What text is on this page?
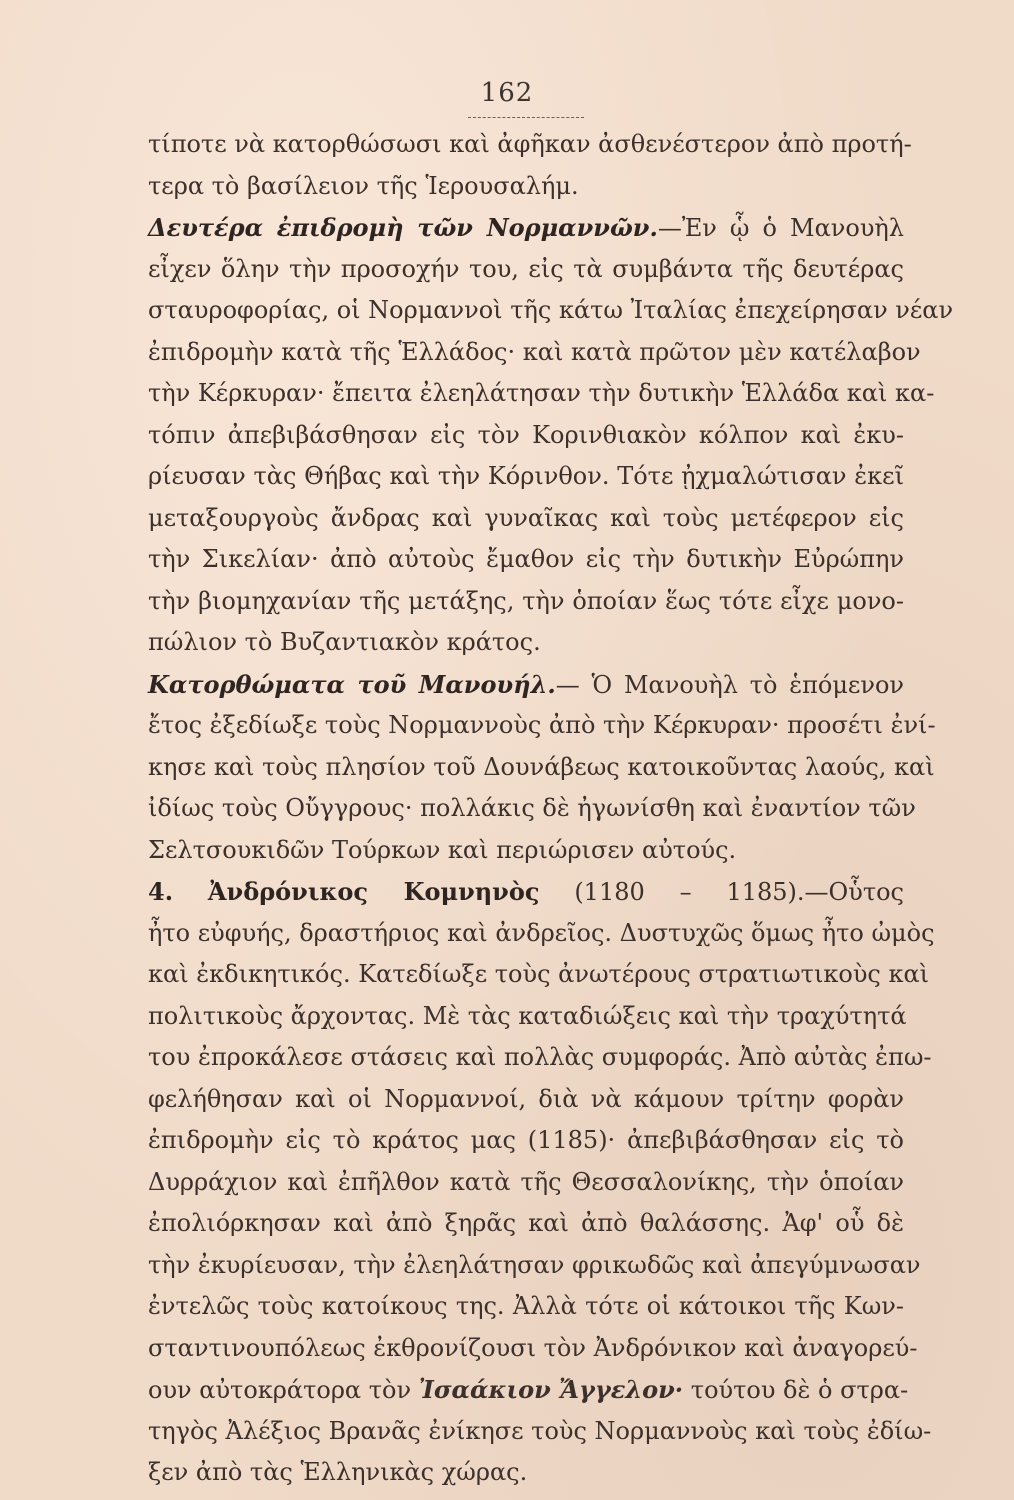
162
τίποτε νὰ κατορθώσωσι καὶ ἀφῆκαν ἀσθενέστερον ἀπὸ προτή-
τερα τὸ βασίλειον τῆς Ἱερουσαλήμ.
Δευτέρα ἐπιδρομὴ τῶν Νορμαννῶν.—Ἐν ᾧ ὁ Μανουὴλ
εἶχεν ὅλην τὴν προσοχήν του, εἰς τὰ συμβάντα τῆς δευτέρας
σταυροφορίας, οἱ Νορμαννοὶ τῆς κάτω Ἰταλίας ἐπεχείρησαν νέαν
ἐπιδρομὴν κατὰ τῆς Ἑλλάδος· καὶ κατὰ πρῶτον μὲν κατέλαβον
τὴν Κέρκυραν· ἔπειτα ἐλεηλάτησαν τὴν δυτικὴν Ἑλλάδα καὶ κα-
τόπιν ἀπεβιβάσθησαν εἰς τὸν Κορινθιακὸν κόλπον καὶ ἐκυ-
ρίευσαν τὰς Θήβας καὶ τὴν Κόρινθον. Τότε ᾐχμαλώτισαν ἐκεῖ
μεταξουργοὺς ἄνδρας καὶ γυναῖκας καὶ τοὺς μετέφερον εἰς
τὴν Σικελίαν· ἀπὸ αὐτοὺς ἔμαθον εἰς τὴν δυτικὴν Εὐρώπην
τὴν βιομηχανίαν τῆς μετάξης, τὴν ὁποίαν ἕως τότε εἶχε μονο-
πώλιον τὸ Βυζαντιακὸν κράτος.
Κατορθώματα τοῦ Μανουήλ.— Ὁ Μανουὴλ τὸ ἑπόμενον
ἔτος ἐξεδίωξε τοὺς Νορμαννοὺς ἀπὸ τὴν Κέρκυραν· προσέτι ἐνί-
κησε καὶ τοὺς πλησίον τοῦ Δουνάβεως κατοικοῦντας λαούς, καὶ
ἰδίως τοὺς Οὔγγρους· πολλάκις δὲ ἠγωνίσθη καὶ ἐναντίον τῶν
Σελτσουκιδῶν Τούρκων καὶ περιώρισεν αὐτούς.
4. Ἀνδρόνικος Κομνηνὸς (1180 – 1185).—Οὗτος
ἦτο εὐφυής, δραστήριος καὶ ἀνδρεῖος. Δυστυχῶς ὅμως ἦτο ὠμὸς
καὶ ἐκδικητικός. Κατεδίωξε τοὺς ἀνωτέρους στρατιωτικοὺς καὶ
πολιτικοὺς ἄρχοντας. Μὲ τὰς καταδιώξεις καὶ τὴν τραχύτητά
του ἐπροκάλεσε στάσεις καὶ πολλὰς συμφοράς. Ἀπὸ αὐτὰς ἐπω-
φελήθησαν καὶ οἱ Νορμαννοί, διὰ νὰ κάμουν τρίτην φορὰν
ἐπιδρομὴν εἰς τὸ κράτος μας (1185)· ἀπεβιβάσθησαν εἰς τὸ
Δυρράχιον καὶ ἐπῆλθον κατὰ τῆς Θεσσαλονίκης, τὴν ὁποίαν
ἐπολιόρκησαν καὶ ἀπὸ ξηρᾶς καὶ ἀπὸ θαλάσσης. Ἀφ' οὗ δὲ
τὴν ἐκυρίευσαν, τὴν ἐλεηλάτησαν φρικωδῶς καὶ ἀπεγύμνωσαν
ἐντελῶς τοὺς κατοίκους της. Ἀλλὰ τότε οἱ κάτοικοι τῆς Κων-
σταντινουπόλεως ἐκθρονίζουσι τὸν Ἀνδρόνικον καὶ ἀναγορεύ-
ουν αὐτοκράτορα τὸν Ἰσαάκιον Ἄγγελον· τούτου δὲ ὁ στρα-
τηγὸς Ἀλέξιος Βρανᾶς ἐνίκησε τοὺς Νορμαννοὺς καὶ τοὺς ἐδίω-
ξεν ἀπὸ τὰς Ἑλληνικὰς χώρας.
